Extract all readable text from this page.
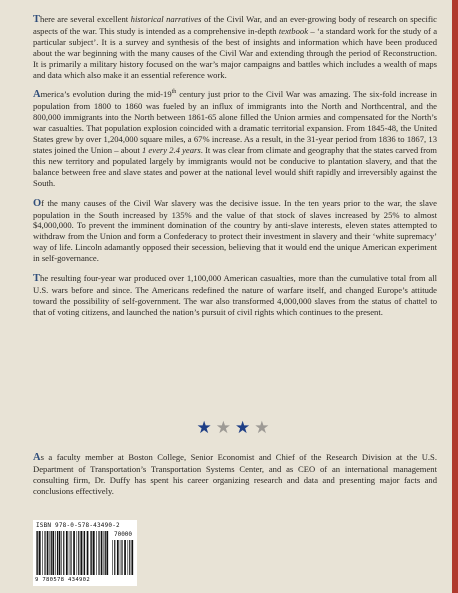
There are several excellent historical narratives of the Civil War, and an ever-growing body of research on specific aspects of the war. This study is intended as a comprehensive in-depth textbook – ‘a standard work for the study of a particular subject’. It is a survey and synthesis of the best of insights and information which have been produced about the war beginning with the many causes of the Civil War and extending through the period of Reconstruction. It is primarily a military history focused on the war’s major campaigns and battles which includes a wealth of maps and data which also make it an essential reference work.

America’s evolution during the mid-19th century just prior to the Civil War was amazing. The six-fold increase in population from 1800 to 1860 was fueled by an influx of immigrants into the North and Northcentral, and the 800,000 immigrants into the North between 1861-65 alone filled the Union armies and compensated for the North’s war casualties. That population explosion coincided with a dramatic territorial expansion. From 1845-48, the United States grew by over 1,204,000 square miles, a 67% increase. As a result, in the 31-year period from 1836 to 1867, 13 states joined the Union – about 1 every 2.4 years. It was clear from climate and geography that the states carved from this new territory and populated largely by immigrants would not be conducive to plantation slavery, and that the balance between free and slave states and power at the national level would shift rapidly and irreversibly against the South.

Of the many causes of the Civil War slavery was the decisive issue. In the ten years prior to the war, the slave population in the South increased by 135% and the value of that stock of slaves increased by 25% to almost $4,000,000. To prevent the imminent domination of the country by anti-slave interests, eleven states attempted to withdraw from the Union and form a Confederacy to protect their investment in slavery and their ‘white supremacy’ way of life. Lincoln adamantly opposed their secession, believing that it would end the unique American experiment in self-governance.

The resulting four-year war produced over 1,100,000 American casualties, more than the cumulative total from all U.S. wars before and since. The Americans redefined the nature of warfare itself, and changed Europe’s attitude toward the possibility of self-government. The war also transformed 4,000,000 slaves from the status of chattel to that of voting citizens, and launched the nation’s pursuit of civil rights which continues to the present.

★★★★

As a faculty member at Boston College, Senior Economist and Chief of the Research Division at the U.S. Department of Transportation’s Transportation Systems Center, and as CEO of an international management consulting firm, Dr. Duffy has spent his career organizing research and data and presenting major facts and conclusions effectively.

ISBN 978-0-578-43490-2
70000
9 780578 434902
